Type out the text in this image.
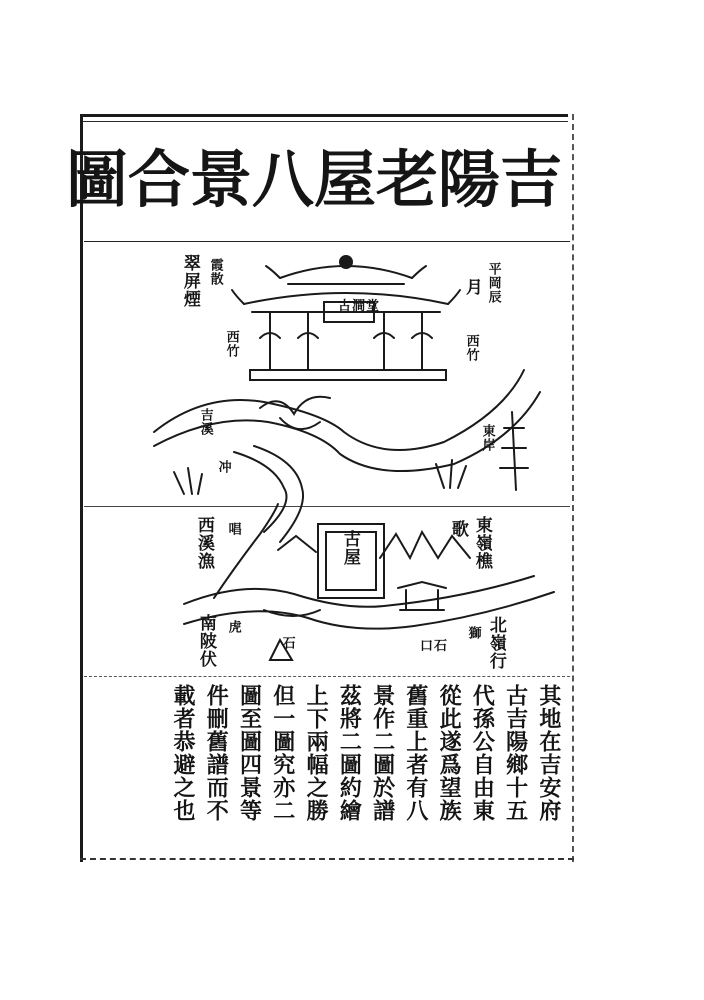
吉
陽
老
屋
八
景
合
圖
霞散
翠屏煙	平岡辰
月
西竹	西竹
古澗堂
吉溪
東岸
冲
唱
西溪漁	東嶺樵
歌
古屋
虎
南陂伏	北嶺行
獅
口石
石
其地在吉安府
古吉陽鄉十五
代孫公自由東
從此遂爲望族
舊重上者有八
景作二圖於譜
茲將二圖約繪
上下兩幅之勝
但一圖究亦二
圖至圖四景等
件刪舊譜而不
載者恭避之也
